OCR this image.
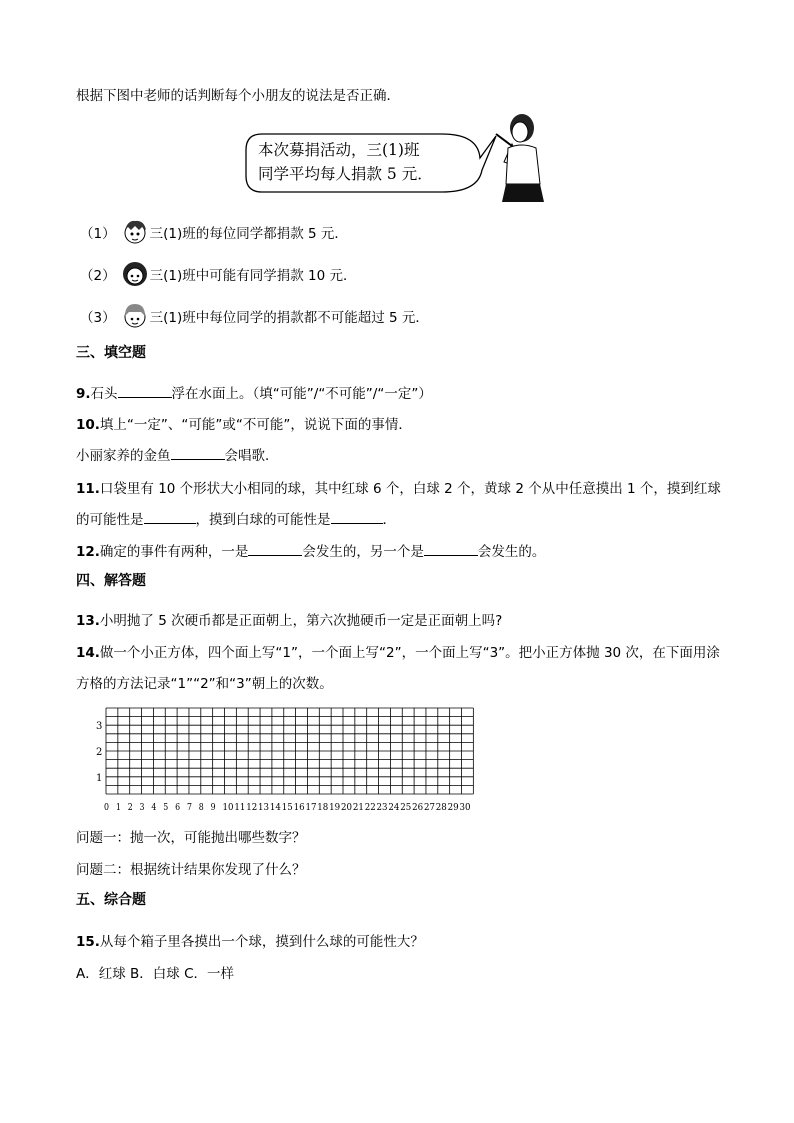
根据下图中老师的话判断每个小朋友的说法是否正确．
本次募捐活动，三(1)班
同学平均每人捐款 5 元．
（1）	三(1)班的每位同学都捐款 5 元．
（2）	三(1)班中可能有同学捐款 10 元．
（3）	三(1)班中每位同学的捐款都不可能超过 5 元．
三、填空题
9.石头	浮在水面上。（填“可能”/“不可能”/“一定”）
10.填上“一定”、“可能”或“不可能”，说说下面的事情．
小丽家养的金鱼	会唱歌．
11.口袋里有 10 个形状大小相同的球，其中红球 6 个，白球 2 个，黄球 2 个从中任意摸出 1 个，摸到红球
的可能性是	，摸到白球的可能性是	．
12.确定的事件有两种，一是	会发生的，另一个是	会发生的。
四、解答题
13.小明抛了 5 次硬币都是正面朝上，第六次抛硬币一定是正面朝上吗?
14.做一个小正方体，四个面上写“1”，一个面上写“2”，一个面上写“3”。把小正方体抛 30 次，在下面用涂
方格的方法记录“1”“2”和“3”朝上的次数。
3
2
1
0 1 2 3 4 5 6 7 8 9 10 11 12 13 14 15 16 17 18 19 20 21 22 23 24 25 26 27 28 29 30
问题一：抛一次，可能抛出哪些数字？
问题二：根据统计结果你发现了什么？
五、综合题
15.从每个箱子里各摸出一个球，摸到什么球的可能性大？
A．红球 B．白球 C．一样
